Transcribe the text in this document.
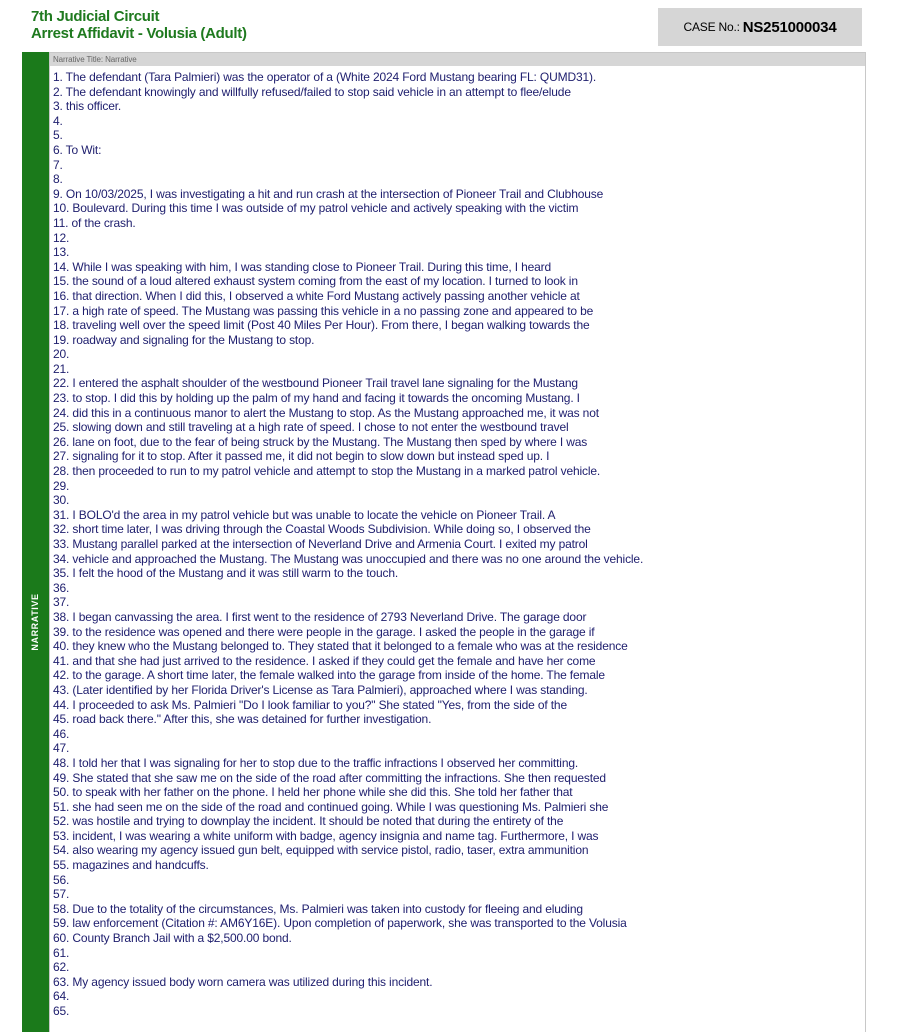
7th Judicial Circuit
Arrest Affidavit - Volusia (Adult)	CASE No.: NS251000034
NARRATIVE
Narrative Title: Narrative
1. The defendant (Tara Palmieri) was the operator of a (White 2024 Ford Mustang bearing FL: QUMD31).
2. The defendant knowingly and willfully refused/failed to stop said vehicle in an attempt to flee/elude
3. this officer.
4.
5.
6. To Wit:
7.
8.
9. On 10/03/2025, I was investigating a hit and run crash at the intersection of Pioneer Trail and Clubhouse
10. Boulevard. During this time I was outside of my patrol vehicle and actively speaking with the victim
11. of the crash.
12.
13.
14. While I was speaking with him, I was standing close to Pioneer Trail. During this time, I heard
15. the sound of a loud altered exhaust system coming from the east of my location. I turned to look in
16. that direction. When I did this, I observed a white Ford Mustang actively passing another vehicle at
17. a high rate of speed. The Mustang was passing this vehicle in a no passing zone and appeared to be
18. traveling well over the speed limit (Post 40 Miles Per Hour). From there, I began walking towards the
19. roadway and signaling for the Mustang to stop.
20.
21.
22. I entered the asphalt shoulder of the westbound Pioneer Trail travel lane signaling for the Mustang
23. to stop. I did this by holding up the palm of my hand and facing it towards the oncoming Mustang. I
24. did this in a continuous manor to alert the Mustang to stop. As the Mustang approached me, it was not
25. slowing down and still traveling at a high rate of speed. I chose to not enter the westbound travel
26. lane on foot, due to the fear of being struck by the Mustang. The Mustang then sped by where I was
27. signaling for it to stop. After it passed me, it did not begin to slow down but instead sped up. I
28. then proceeded to run to my patrol vehicle and attempt to stop the Mustang in a marked patrol vehicle.
29.
30.
31. I BOLO'd the area in my patrol vehicle but was unable to locate the vehicle on Pioneer Trail. A
32. short time later, I was driving through the Coastal Woods Subdivision. While doing so, I observed the
33. Mustang parallel parked at the intersection of Neverland Drive and Armenia Court. I exited my patrol
34. vehicle and approached the Mustang. The Mustang was unoccupied and there was no one around the vehicle.
35. I felt the hood of the Mustang and it was still warm to the touch.
36.
37.
38. I began canvassing the area. I first went to the residence of 2793 Neverland Drive. The garage door
39. to the residence was opened and there were people in the garage. I asked the people in the garage if
40. they knew who the Mustang belonged to. They stated that it belonged to a female who was at the residence
41. and that she had just arrived to the residence. I asked if they could get the female and have her come
42. to the garage. A short time later, the female walked into the garage from inside of the home. The female
43. (Later identified by her Florida Driver's License as Tara Palmieri), approached where I was standing.
44. I proceeded to ask Ms. Palmieri "Do I look familiar to you?" She stated "Yes, from the side of the
45. road back there." After this, she was detained for further investigation.
46.
47.
48. I told her that I was signaling for her to stop due to the traffic infractions I observed her committing.
49. She stated that she saw me on the side of the road after committing the infractions. She then requested
50. to speak with her father on the phone. I held her phone while she did this. She told her father that
51. she had seen me on the side of the road and continued going. While I was questioning Ms. Palmieri she
52. was hostile and trying to downplay the incident. It should be noted that during the entirety of the
53. incident, I was wearing a white uniform with badge, agency insignia and name tag. Furthermore, I was
54. also wearing my agency issued gun belt, equipped with service pistol, radio, taser, extra ammunition
55. magazines and handcuffs.
56.
57.
58. Due to the totality of the circumstances, Ms. Palmieri was taken into custody for fleeing and eluding
59. law enforcement (Citation #: AM6Y16E). Upon completion of paperwork, she was transported to the Volusia
60. County Branch Jail with a $2,500.00 bond.
61.
62.
63. My agency issued body worn camera was utilized during this incident.
64.
65.
